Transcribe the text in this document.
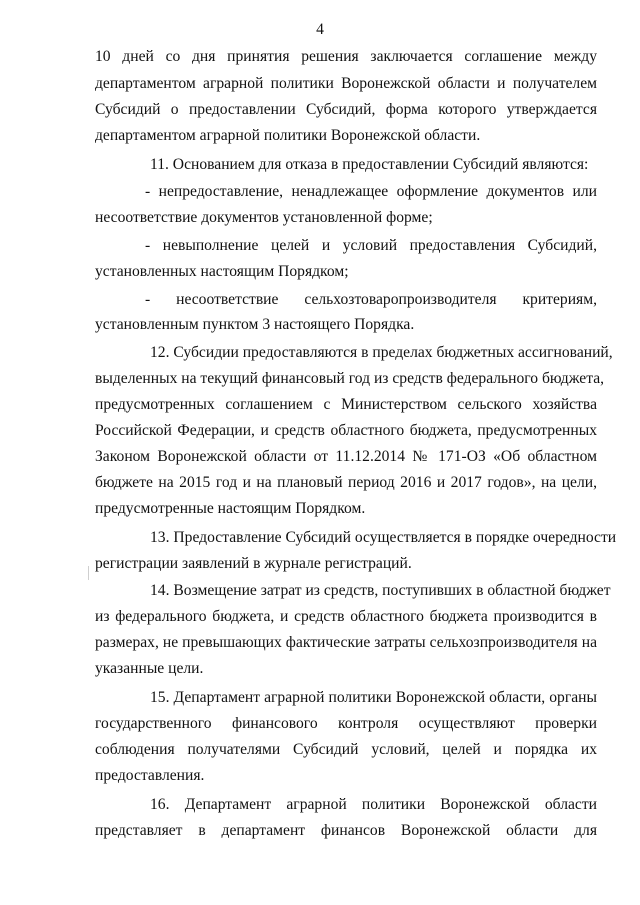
4
10 дней со дня принятия решения заключается соглашение между
департаментом аграрной политики Воронежской области и получателем
Субсидий о предоставлении Субсидий, форма которого утверждается
департаментом аграрной политики Воронежской области.
11. Основанием для отказа в предоставлении Субсидий являются:
- непредоставление, ненадлежащее оформление документов или
несоответствие документов установленной форме;
- невыполнение целей и условий предоставления Субсидий,
установленных настоящим Порядком;
- несоответствие сельхозтоваропроизводителя критериям,
установленным пунктом 3 настоящего Порядка.
12. Субсидии предоставляются в пределах бюджетных ассигнований,
выделенных на текущий финансовый год из средств федерального бюджета,
предусмотренных соглашением с Министерством сельского хозяйства
Российской Федерации, и средств областного бюджета, предусмотренных
Законом Воронежской области от 11.12.2014 № 171-ОЗ «Об областном
бюджете на 2015 год и на плановый период 2016 и 2017 годов», на цели,
предусмотренные настоящим Порядком.
13. Предоставление Субсидий осуществляется в порядке очередности
регистрации заявлений в журнале регистраций.
14. Возмещение затрат из средств, поступивших в областной бюджет
из федерального бюджета, и средств областного бюджета производится в
размерах, не превышающих фактические затраты сельхозпроизводителя на
указанные цели.
15. Департамент аграрной политики Воронежской области, органы
государственного финансового контроля осуществляют проверки
соблюдения получателями Субсидий условий, целей и порядка их
предоставления.
16. Департамент аграрной политики Воронежской области
представляет в департамент финансов Воронежской области для
